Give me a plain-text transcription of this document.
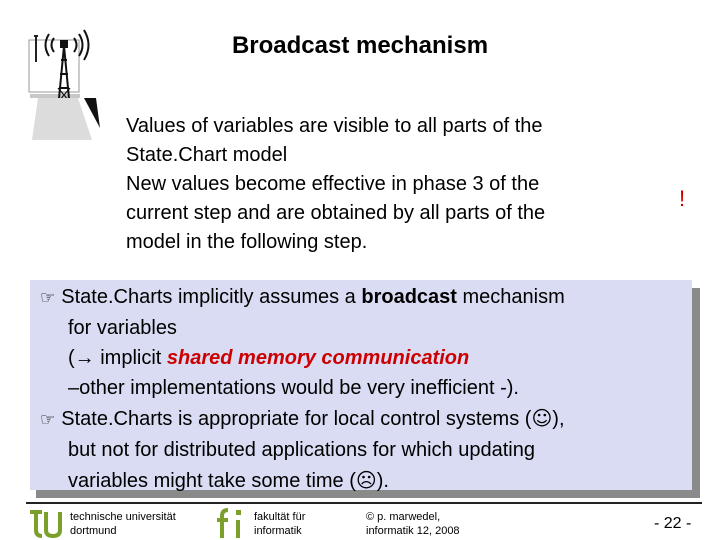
Broadcast mechanism
Values of variables are visible to all parts of the
State.Chart model
New values become effective in phase 3 of the
current step and are obtained by all parts of the
model in the following step.
!
☞ State.Charts implicitly assumes a broadcast mechanism
for variables
(→ implicit shared memory communication
–other implementations would be very inefficient -).
☞ State.Charts is appropriate for local control systems (☺),
but not for distributed applications for which updating
variables might take some time (☹).
technische universität
dortmund
fakultät für
informatik
© p. marwedel,
informatik 12, 2008	- 22 -
